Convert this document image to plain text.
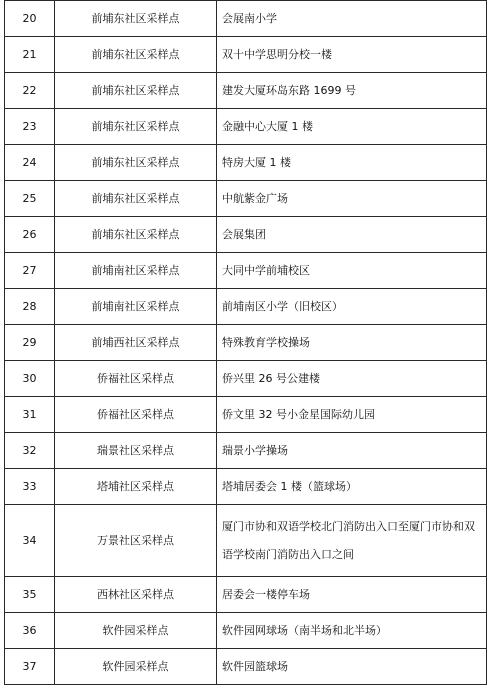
20	前埔东社区采样点	会展南小学
21	前埔东社区采样点	双十中学思明分校一楼
22	前埔东社区采样点	建发大厦环岛东路 1699 号
23	前埔东社区采样点	金融中心大厦 1 楼
24	前埔东社区采样点	特房大厦 1 楼
25	前埔东社区采样点	中航紫金广场
26	前埔东社区采样点	会展集团
27	前埔南社区采样点	大同中学前埔校区
28	前埔南社区采样点	前埔南区小学（旧校区）
29	前埔西社区采样点	特殊教育学校操场
30	侨福社区采样点	侨兴里 26 号公建楼
31	侨福社区采样点	侨文里 32 号小金星国际幼儿园
32	瑞景社区采样点	瑞景小学操场
33	塔埔社区采样点	塔埔居委会 1 楼（篮球场）
34	万景社区采样点	厦门市协和双语学校北门消防出入口至厦门市协和双语学校南门消防出入口之间
35	西林社区采样点	居委会一楼停车场
36	软件园采样点	软件园网球场（南半场和北半场）
37	软件园采样点	软件园篮球场
